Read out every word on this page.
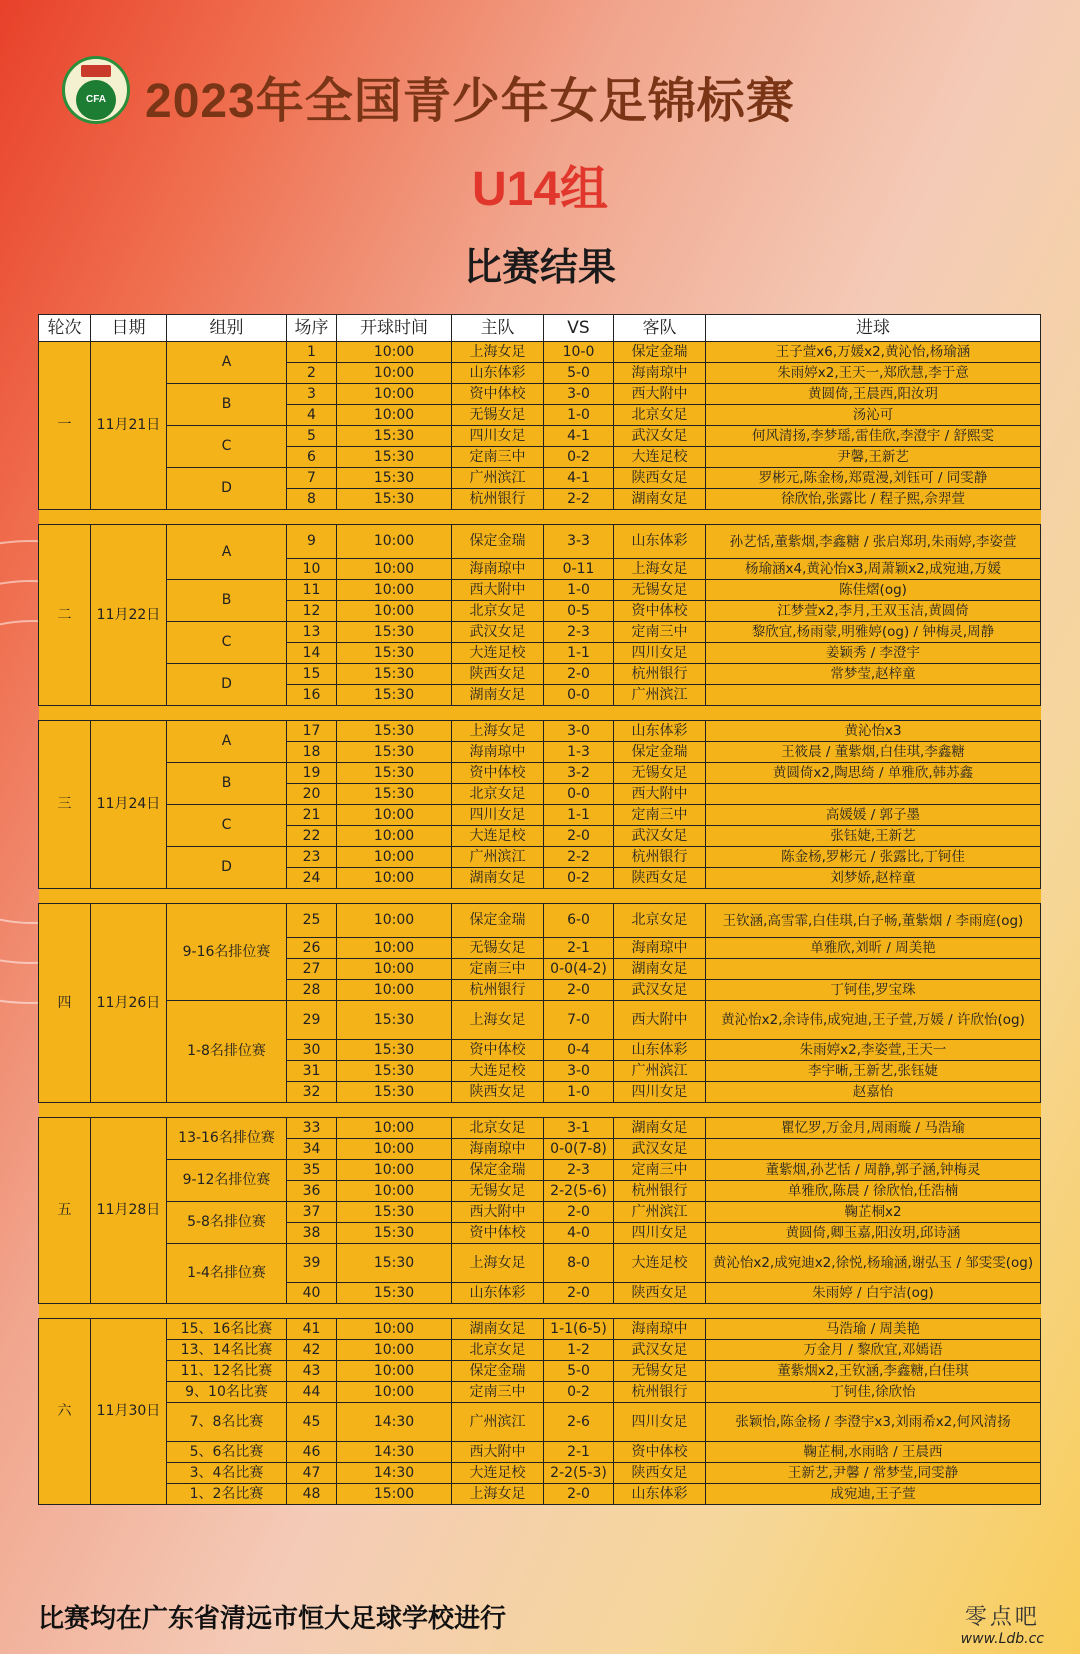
CFA 2023年全国青少年女足锦标赛
U14组
比赛结果
轮次	日期	组别	场序	开球时间	主队	VS	客队	进球
一	11月21日	A	1	10:00	上海女足	10-0	保定金瑞	王子萱x6,万媛x2,黄沁怡,杨瑜涵
			2	10:00	山东体彩	5-0	海南琼中	朱雨婷x2,王天一,郑欣慧,李于意
		B	3	10:00	资中体校	3-0	西大附中	黄圆倚,王晨西,阳汝玥
			4	10:00	无锡女足	1-0	北京女足	汤沁可
		C	5	15:30	四川女足	4-1	武汉女足	何风清扬,李梦瑶,雷佳欣,李澄宇 / 舒熙雯
			6	15:30	定南三中	0-2	大连足校	尹馨,王新艺
		D	7	15:30	广州滨江	4-1	陕西女足	罗彬元,陈金杨,郑霓漫,刘钰可 / 同雯静
			8	15:30	杭州银行	2-2	湖南女足	徐欣怡,张露比 / 程子熙,佘羿萱

二	11月22日	A	9	10:00	保定金瑞	3-3	山东体彩	孙艺恬,董紫烟,李鑫糖 / 张启郑玥,朱雨婷,李姿萱
			10	10:00	海南琼中	0-11	上海女足	杨瑜涵x4,黄沁怡x3,周萧颖x2,成宛迪,万媛
		B	11	10:00	西大附中	1-0	无锡女足	陈佳熠(og)
			12	10:00	北京女足	0-5	资中体校	江梦萱x2,李月,王双玉洁,黄圆倚
		C	13	15:30	武汉女足	2-3	定南三中	黎欣宜,杨雨蒙,明雅婷(og) / 钟梅灵,周静
			14	15:30	大连足校	1-1	四川女足	姜颖秀 / 李澄宇
		D	15	15:30	陕西女足	2-0	杭州银行	常梦莹,赵梓童
			16	15:30	湖南女足	0-0	广州滨江	

三	11月24日	A	17	15:30	上海女足	3-0	山东体彩	黄沁怡x3
			18	15:30	海南琼中	1-3	保定金瑞	王筱晨 / 董紫烟,白佳琪,李鑫糖
		B	19	15:30	资中体校	3-2	无锡女足	黄圆倚x2,陶思绮 / 单雅欣,韩苏鑫
			20	15:30	北京女足	0-0	西大附中	
		C	21	10:00	四川女足	1-1	定南三中	高媛媛 / 郭子墨
			22	10:00	大连足校	2-0	武汉女足	张钰婕,王新艺
		D	23	10:00	广州滨江	2-2	杭州银行	陈金杨,罗彬元 / 张露比,丁钶佳
			24	10:00	湖南女足	0-2	陕西女足	刘梦娇,赵梓童

四	11月26日	9-16名排位赛	25	10:00	保定金瑞	6-0	北京女足	王钦涵,高雪霏,白佳琪,白子畅,董紫烟 / 李雨庭(og)
			26	10:00	无锡女足	2-1	海南琼中	单雅欣,刘昕 / 周美艳
			27	10:00	定南三中	0-0(4-2)	湖南女足	
			28	10:00	杭州银行	2-0	武汉女足	丁钶佳,罗宝珠
		1-8名排位赛	29	15:30	上海女足	7-0	西大附中	黄沁怡x2,余诗伟,成宛迪,王子萱,万媛 / 许欣怡(og)
			30	15:30	资中体校	0-4	山东体彩	朱雨婷x2,李姿萱,王天一
			31	15:30	大连足校	3-0	广州滨江	李宇晰,王新艺,张钰婕
			32	15:30	陕西女足	1-0	四川女足	赵嘉怡

五	11月28日	13-16名排位赛	33	10:00	北京女足	3-1	湖南女足	瞿忆罗,万金月,周雨璇 / 马浩瑜
			34	10:00	海南琼中	0-0(7-8)	武汉女足	
		9-12名排位赛	35	10:00	保定金瑞	2-3	定南三中	董紫烟,孙艺恬 / 周静,郭子涵,钟梅灵
			36	10:00	无锡女足	2-2(5-6)	杭州银行	单雅欣,陈晨 / 徐欣怡,任浩楠
		5-8名排位赛	37	15:30	西大附中	2-0	广州滨江	鞠芷桐x2
			38	15:30	资中体校	4-0	四川女足	黄圆倚,卿玉嘉,阳汝玥,邱诗涵
		1-4名排位赛	39	15:30	上海女足	8-0	大连足校	黄沁怡x2,成宛迪x2,徐悦,杨瑜涵,谢弘玉 / 邹雯雯(og)
			40	15:30	山东体彩	2-0	陕西女足	朱雨婷 / 白宇洁(og)

六	11月30日	15、16名比赛	41	10:00	湖南女足	1-1(6-5)	海南琼中	马浩瑜 / 周美艳
		13、14名比赛	42	10:00	北京女足	1-2	武汉女足	万金月 / 黎欣宜,邓嫣语
		11、12名比赛	43	10:00	保定金瑞	5-0	无锡女足	董紫烟x2,王钦涵,李鑫糖,白佳琪
		9、10名比赛	44	10:00	定南三中	0-2	杭州银行	丁钶佳,徐欣怡
		7、8名比赛	45	14:30	广州滨江	2-6	四川女足	张颖怡,陈金杨 / 李澄宇x3,刘雨希x2,何风清扬
		5、6名比赛	46	14:30	西大附中	2-1	资中体校	鞠芷桐,水雨晗 / 王晨西
		3、4名比赛	47	14:30	大连足校	2-2(5-3)	陕西女足	王新艺,尹馨 / 常梦莹,同雯静
		1、2名比赛	48	15:00	上海女足	2-0	山东体彩	成宛迪,王子萱
比赛均在广东省清远市恒大足球学校进行	零点吧
www.Ldb.cc
